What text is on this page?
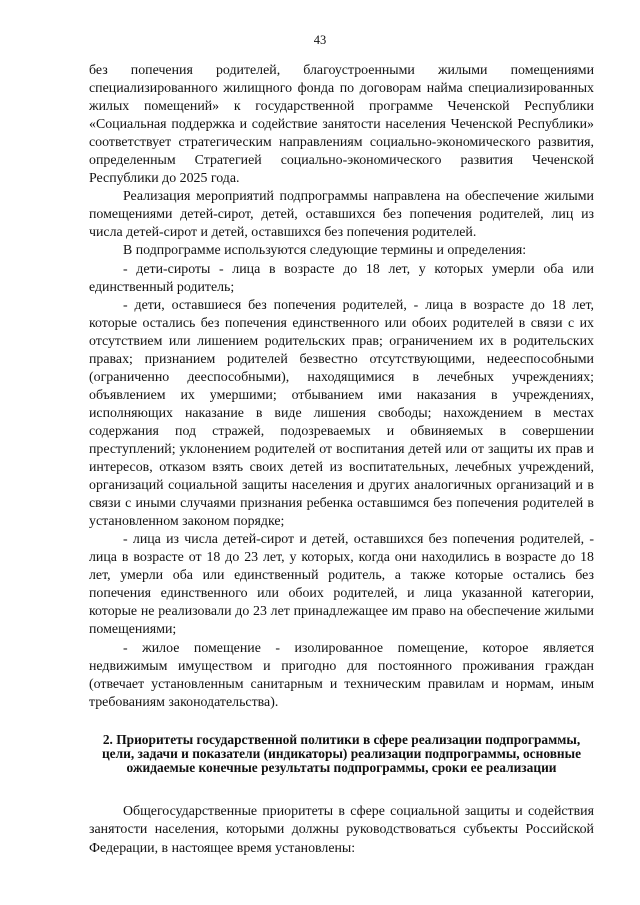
43

без попечения родителей, благоустроенными жилыми помещениями специализированного жилищного фонда по договорам найма специализированных жилых помещений» к государственной программе Чеченской Республики «Социальная поддержка и содействие занятости населения Чеченской Республики» соответствует стратегическим направлениям социально-экономического развития, определенным Стратегией социально-экономического развития Чеченской Республики до 2025 года.

Реализация мероприятий подпрограммы направлена на обеспечение жилыми помещениями детей-сирот, детей, оставшихся без попечения родителей, лиц из числа детей-сирот и детей, оставшихся без попечения родителей.

В подпрограмме используются следующие термины и определения:

- дети-сироты - лица в возрасте до 18 лет, у которых умерли оба или единственный родитель;

- дети, оставшиеся без попечения родителей, - лица в возрасте до 18 лет, которые остались без попечения единственного или обоих родителей в связи с их отсутствием или лишением родительских прав; ограничением их в родительских правах; признанием родителей безвестно отсутствующими, недееспособными (ограниченно дееспособными), находящимися в лечебных учреждениях; объявлением их умершими; отбыванием ими наказания в учреждениях, исполняющих наказание в виде лишения свободы; нахождением в местах содержания под стражей, подозреваемых и обвиняемых в совершении преступлений; уклонением родителей от воспитания детей или от защиты их прав и интересов, отказом взять своих детей из воспитательных, лечебных учреждений, организаций социальной защиты населения и других аналогичных организаций и в связи с иными случаями признания ребенка оставшимся без попечения родителей в установленном законом порядке;

- лица из числа детей-сирот и детей, оставшихся без попечения родителей, - лица в возрасте от 18 до 23 лет, у которых, когда они находились в возрасте до 18 лет, умерли оба или единственный родитель, а также которые остались без попечения единственного или обоих родителей, и лица указанной категории, которые не реализовали до 23 лет принадлежащее им право на обеспечение жилыми помещениями;

- жилое помещение - изолированное помещение, которое является недвижимым имуществом и пригодно для постоянного проживания граждан (отвечает установленным санитарным и техническим правилам и нормам, иным требованиям законодательства).

2. Приоритеты государственной политики в сфере реализации подпрограммы, цели, задачи и показатели (индикаторы) реализации подпрограммы, основные ожидаемые конечные результаты подпрограммы, сроки ее реализации

Общегосударственные приоритеты в сфере социальной защиты и содействия занятости населения, которыми должны руководствоваться субъекты Российской Федерации, в настоящее время установлены:
